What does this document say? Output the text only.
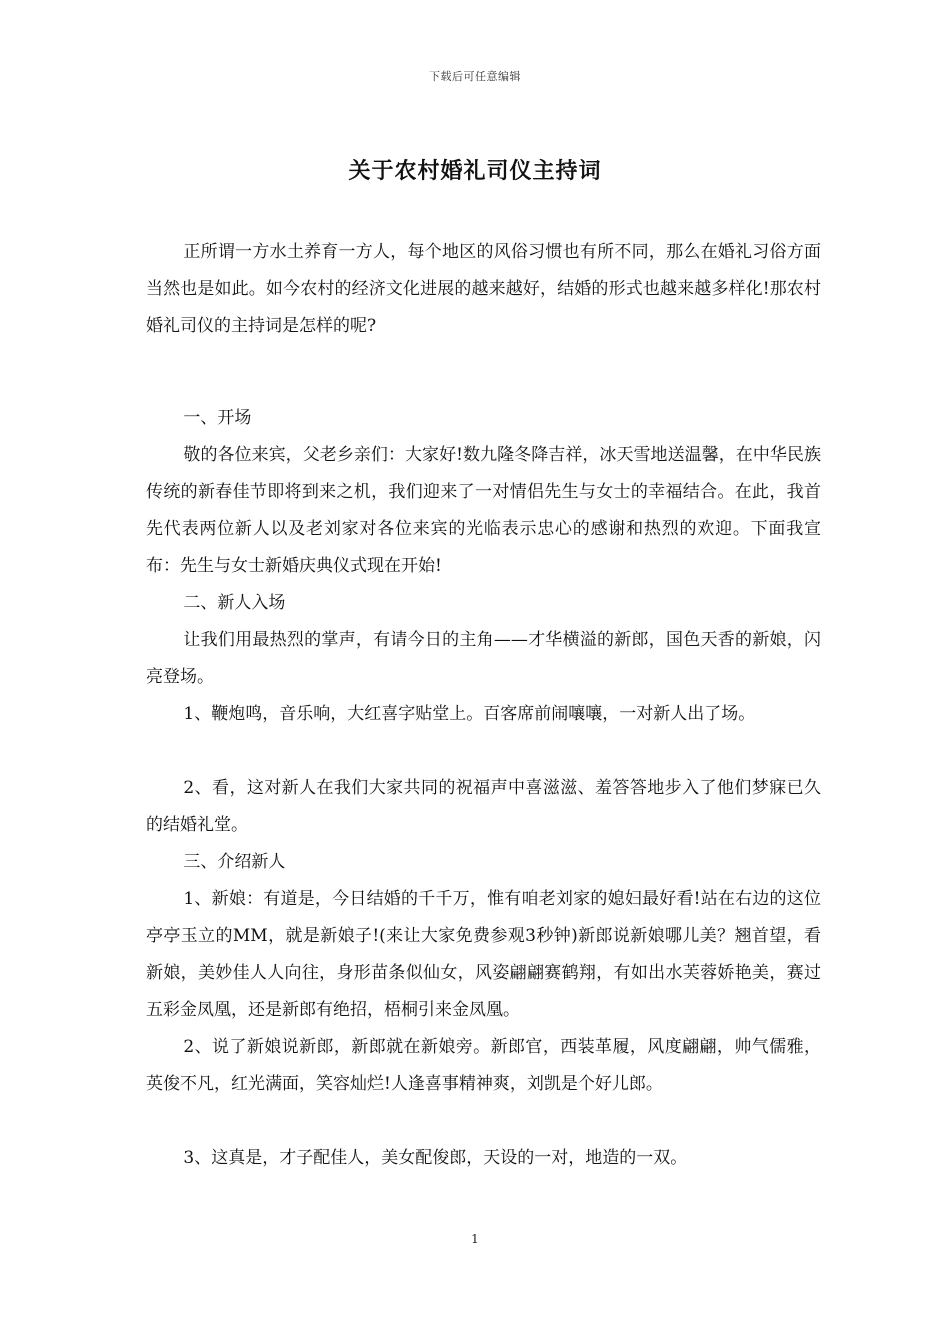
下载后可任意编辑
关于农村婚礼司仪主持词

正所谓一方水土养育一方人，每个地区的风俗习惯也有所不同，那么在婚礼习俗方面当然也是如此。如今农村的经济文化进展的越来越好，结婚的形式也越来越多样化!那农村婚礼司仪的主持词是怎样的呢?

一、开场

敬的各位来宾，父老乡亲们：大家好!数九隆冬降吉祥，冰天雪地送温馨，在中华民族传统的新春佳节即将到来之机，我们迎来了一对情侣先生与女士的幸福结合。在此，我首先代表两位新人以及老刘家对各位来宾的光临表示忠心的感谢和热烈的欢迎。下面我宣布：先生与女士新婚庆典仪式现在开始!

二、新人入场

让我们用最热烈的掌声，有请今日的主角——才华横溢的新郎，国色天香的新娘，闪亮登场。

1、鞭炮鸣，音乐响，大红喜字贴堂上。百客席前闹嚷嚷，一对新人出了场。

2、看，这对新人在我们大家共同的祝福声中喜滋滋、羞答答地步入了他们梦寐已久的结婚礼堂。

三、介绍新人

1、新娘：有道是，今日结婚的千千万，惟有咱老刘家的媳妇最好看!站在右边的这位亭亭玉立的MM，就是新娘子!(来让大家免费参观3秒钟)新郎说新娘哪儿美？翘首望，看新娘，美妙佳人人向往，身形苗条似仙女，风姿翩翩赛鹤翔，有如出水芙蓉娇艳美，赛过五彩金凤凰，还是新郎有绝招，梧桐引来金凤凰。

2、说了新娘说新郎，新郎就在新娘旁。新郎官，西装革履，风度翩翩，帅气儒雅，英俊不凡，红光满面，笑容灿烂!人逢喜事精神爽，刘凯是个好儿郎。

3、这真是，才子配佳人，美女配俊郎，天设的一对，地造的一双。

1
